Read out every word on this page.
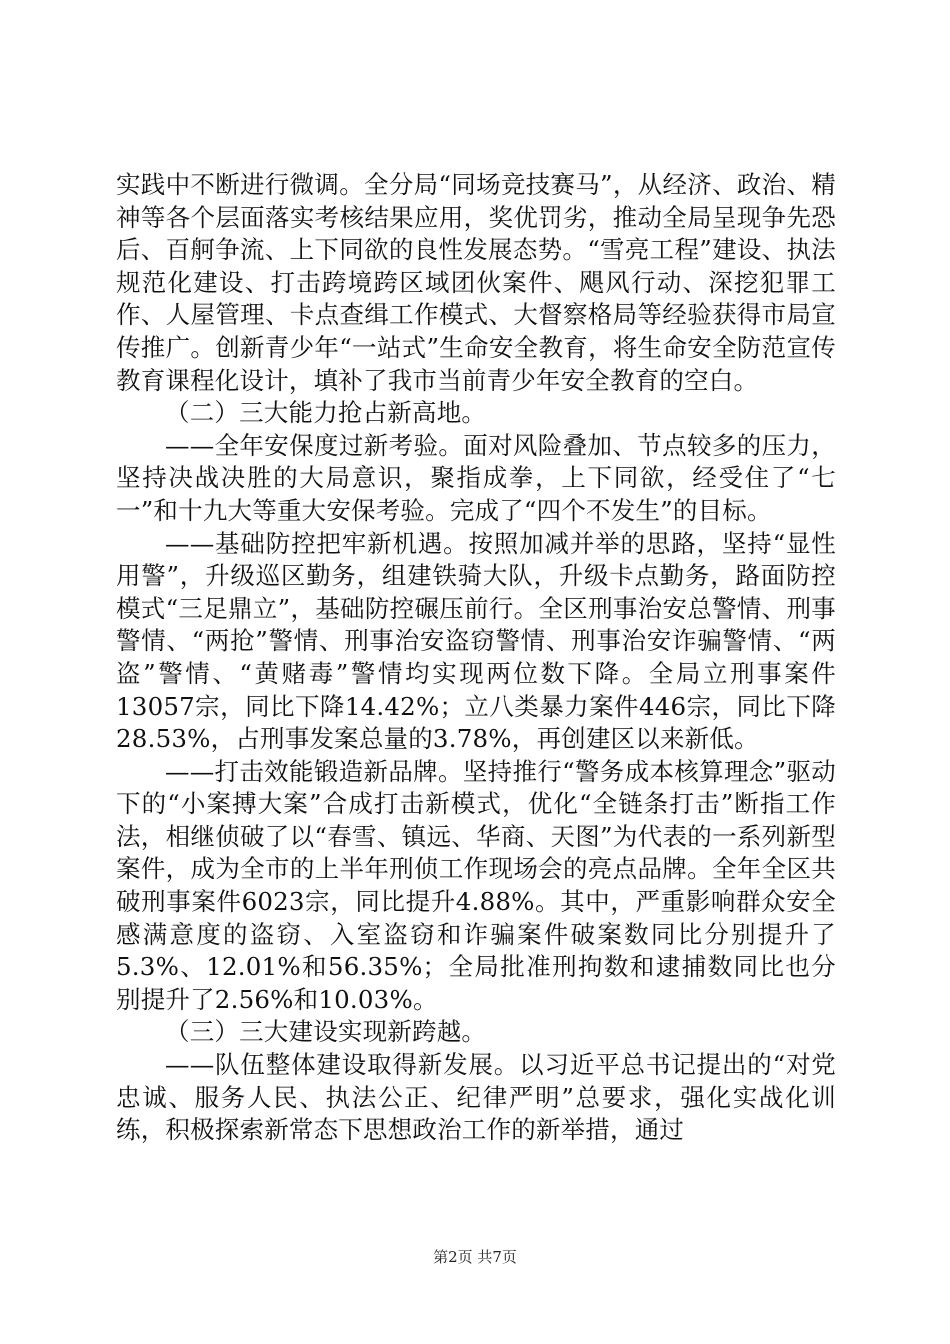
实践中不断进行微调。全分局“同场竞技赛马”，从经济、政治、精神等各个层面落实考核结果应用，奖优罚劣，推动全局呈现争先恐后、百舸争流、上下同欲的良性发展态势。“雪亮工程”建设、执法规范化建设、打击跨境跨区域团伙案件、飓风行动、深挖犯罪工作、人屋管理、卡点查缉工作模式、大督察格局等经验获得市局宣传推广。创新青少年“一站式”生命安全教育，将生命安全防范宣传教育课程化设计，填补了我市当前青少年安全教育的空白。

（二）三大能力抢占新高地。

——全年安保度过新考验。面对风险叠加、节点较多的压力，坚持决战决胜的大局意识，聚指成拳，上下同欲，经受住了“七一”和十九大等重大安保考验。完成了“四个不发生”的目标。

——基础防控把牢新机遇。按照加减并举的思路，坚持“显性用警”，升级巡区勤务，组建铁骑大队，升级卡点勤务，路面防控模式“三足鼎立”，基础防控碾压前行。全区刑事治安总警情、刑事警情、“两抢”警情、刑事治安盗窃警情、刑事治安诈骗警情、“两盗”警情、“黄赌毒”警情均实现两位数下降。全局立刑事案件13057宗，同比下降14.42%；立八类暴力案件446宗，同比下降28.53%，占刑事发案总量的3.78%，再创建区以来新低。

——打击效能锻造新品牌。坚持推行“警务成本核算理念”驱动下的“小案搏大案”合成打击新模式，优化“全链条打击”断指工作法，相继侦破了以“春雪、镇远、华商、天图”为代表的一系列新型案件，成为全市的上半年刑侦工作现场会的亮点品牌。全年全区共破刑事案件6023宗，同比提升4.88%。其中，严重影响群众安全感满意度的盗窃、入室盗窃和诈骗案件破案数同比分别提升了5.3%、12.01%和56.35%；全局批准刑拘数和逮捕数同比也分别提升了2.56%和10.03%。

（三）三大建设实现新跨越。

——队伍整体建设取得新发展。以习近平总书记提出的“对党忠诚、服务人民、执法公正、纪律严明”总要求，强化实战化训练，积极探索新常态下思想政治工作的新举措，通过

第2页 共7页
